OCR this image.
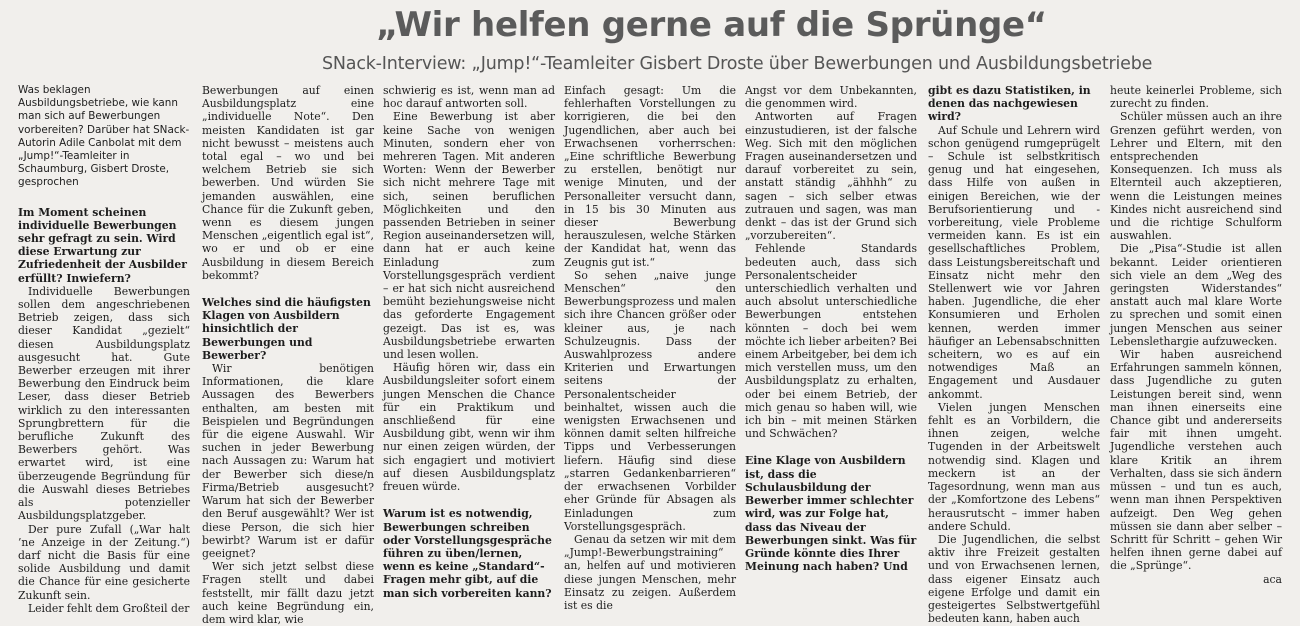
„Wir helfen gerne auf die Sprünge“
SNack-Interview: „Jump!“-Teamleiter Gisbert Droste über Bewerbungen und Ausbildungsbetriebe

Was beklagen Ausbildungsbetriebe, wie kann man sich auf Bewerbungen vorbereiten? Darüber hat SNack-Autorin Adile Canbolat mit dem „Jump!“-Teamleiter in Schaumburg, Gisbert Droste, gesprochen

Im Moment scheinen individuelle Bewerbungen sehr gefragt zu sein. Wird diese Erwartung zur Zufriedenheit der Ausbilder erfüllt? Inwiefern?

Individuelle Bewerbungen sollen dem angeschriebenen Betrieb zeigen, dass sich dieser Kandidat „gezielt“ diesen Ausbildungsplatz ausgesucht hat. Gute Bewerber erzeugen mit ihrer Bewerbung den Eindruck beim Leser, dass dieser Betrieb wirklich zu den interessanten Sprungbrettern für die berufliche Zukunft des Bewerbers gehört. Was erwartet wird, ist eine überzeugende Begründung für die Auswahl dieses Betriebes als potenzieller Ausbildungsplatzgeber.

Der pure Zufall („War halt ’ne Anzeige in der Zeitung.“) darf nicht die Basis für eine solide Ausbildung und damit die Chance für eine gesicherte Zukunft sein.

Leider fehlt dem Großteil der

Bewerbungen auf einen Ausbildungsplatz eine „individuelle Note“. Den meisten Kandidaten ist gar nicht bewusst – meistens auch total egal – wo und bei welchem Betrieb sie sich bewerben. Und würden Sie jemanden auswählen, eine Chance für die Zukunft geben, wenn es diesem jungen Menschen „eigentlich egal ist“, wo er und ob er eine Ausbildung in diesem Bereich bekommt?

Welches sind die häufigsten Klagen von Ausbildern hinsichtlich der Bewerbungen und Bewerber?

Wir benötigen Informationen, die klare Aussagen des Bewerbers enthalten, am besten mit Beispielen und Begründungen für die eigene Auswahl. Wir suchen in jeder Bewerbung nach Aussagen zu: Warum hat der Bewerber sich diese/n Firma/Betrieb ausgesucht? Warum hat sich der Bewerber den Beruf ausgewählt? Wer ist diese Person, die sich hier bewirbt? Warum ist er dafür geeignet?

Wer sich jetzt selbst diese Fragen stellt und dabei feststellt, mir fällt dazu jetzt auch keine Begründung ein, dem wird klar, wie

schwierig es ist, wenn man ad hoc darauf antworten soll.

Eine Bewerbung ist aber keine Sache von wenigen Minuten, sondern eher von mehreren Tagen. Mit anderen Worten: Wenn der Bewerber sich nicht mehrere Tage mit sich, seinen beruflichen Möglichkeiten und den passenden Betrieben in seiner Region auseinandersetzen will, dann hat er auch keine Einladung zum Vorstellungsgespräch verdient – er hat sich nicht ausreichend bemüht beziehungsweise nicht das geforderte Engagement gezeigt. Das ist es, was Ausbildungsbetriebe erwarten und lesen wollen.

Häufig hören wir, dass ein Ausbildungsleiter sofort einem jungen Menschen die Chance für ein Praktikum und anschließend für eine Ausbildung gibt, wenn wir ihm nur einen zeigen würden, der sich engagiert und motiviert auf diesen Ausbildungsplatz freuen würde.

Warum ist es notwendig, Bewerbungen schreiben oder Vorstellungsgespräche führen zu üben/lernen, wenn es keine „Standard“-Fragen mehr gibt, auf die man sich vorbereiten kann?

Einfach gesagt: Um die fehlerhaften Vorstellungen zu korrigieren, die bei den Jugendlichen, aber auch bei Erwachsenen vorherrschen: „Eine schriftliche Bewerbung zu erstellen, benötigt nur wenige Minuten, und der Personalleiter versucht dann, in 15 bis 30 Minuten aus dieser Bewerbung herauszulesen, welche Stärken der Kandidat hat, wenn das Zeugnis gut ist.“

So sehen „naive junge Menschen“ den Bewerbungsprozess und malen sich ihre Chancen größer oder kleiner aus, je nach Schulzeugnis. Dass der Auswahlprozess andere Kriterien und Erwartungen seitens der Personalentscheider beinhaltet, wissen auch die wenigsten Erwachsenen und können damit selten hilfreiche Tipps und Verbesserungen liefern. Häufig sind diese „starren Gedankenbarrieren“ der erwachsenen Vorbilder eher Gründe für Absagen als Einladungen zum Vorstellungsgespräch.

Genau da setzen wir mit dem „Jump!-Bewerbungstraining“ an, helfen auf und motivieren diese jungen Menschen, mehr Einsatz zu zeigen. Außerdem ist es die

Angst vor dem Unbekannten, die genommen wird.

Antworten auf Fragen einzustudieren, ist der falsche Weg. Sich mit den möglichen Fragen auseinandersetzen und darauf vorbereitet zu sein, anstatt ständig „ähhhh“ zu sagen – sich selber etwas zutrauen und sagen, was man denkt – das ist der Grund sich „vorzubereiten“.

Fehlende Standards bedeuten auch, dass sich Personalentscheider unterschiedlich verhalten und auch absolut unterschiedliche Bewerbungen entstehen könnten – doch bei wem möchte ich lieber arbeiten? Bei einem Arbeitgeber, bei dem ich mich verstellen muss, um den Ausbildungsplatz zu erhalten, oder bei einem Betrieb, der mich genau so haben will, wie ich bin – mit meinen Stärken und Schwächen?

Eine Klage von Ausbildern ist, dass die Schulausbildung der Bewerber immer schlechter wird, was zur Folge hat, dass das Niveau der Bewerbungen sinkt. Was für Gründe könnte dies Ihrer Meinung nach haben? Und

gibt es dazu Statistiken, in denen das nachgewiesen wird?

Auf Schule und Lehrern wird schon genügend rumgeprügelt – Schule ist selbstkritisch genug und hat eingesehen, dass Hilfe von außen in einigen Bereichen, wie der Berufsorientierung und -vorbereitung, viele Probleme vermeiden kann. Es ist ein gesellschaftliches Problem, dass Leistungsbereitschaft und Einsatz nicht mehr den Stellenwert wie vor Jahren haben. Jugendliche, die eher Konsumieren und Erholen kennen, werden immer häufiger an Lebensabschnitten scheitern, wo es auf ein notwendiges Maß an Engagement und Ausdauer ankommt.

Vielen jungen Menschen fehlt es an Vorbildern, die ihnen zeigen, welche Tugenden in der Arbeitswelt notwendig sind. Klagen und meckern ist an der Tagesordnung, wenn man aus der „Komfortzone des Lebens“ herausrutscht – immer haben andere Schuld.

Die Jugendlichen, die selbst aktiv ihre Freizeit gestalten und von Erwachsenen lernen, dass eigener Einsatz auch eigene Erfolge und damit ein gesteigertes Selbstwertgefühl bedeuten kann, haben auch

heute keinerlei Probleme, sich zurecht zu finden.

Schüler müssen auch an ihre Grenzen geführt werden, von Lehrer und Eltern, mit den entsprechenden Konsequenzen. Ich muss als Elternteil auch akzeptieren, wenn die Leistungen meines Kindes nicht ausreichend sind und die richtige Schulform auswahlen.

Die „Pisa“-Studie ist allen bekannt. Leider orientieren sich viele an dem „Weg des geringsten Widerstandes“ anstatt auch mal klare Worte zu sprechen und somit einen jungen Menschen aus seiner Lebenslethargie aufzuwecken.

Wir haben ausreichend Erfahrungen sammeln können, dass Jugendliche zu guten Leistungen bereit sind, wenn man ihnen einerseits eine Chance gibt und andererseits fair mit ihnen umgeht. Jugendliche verstehen auch klare Kritik an ihrem Verhalten, dass sie sich ändern müssen – und tun es auch, wenn man ihnen Perspektiven aufzeigt. Den Weg gehen müssen sie dann aber selber – Schritt für Schritt – gehen Wir helfen ihnen gerne dabei auf die „Sprünge“.

aca
